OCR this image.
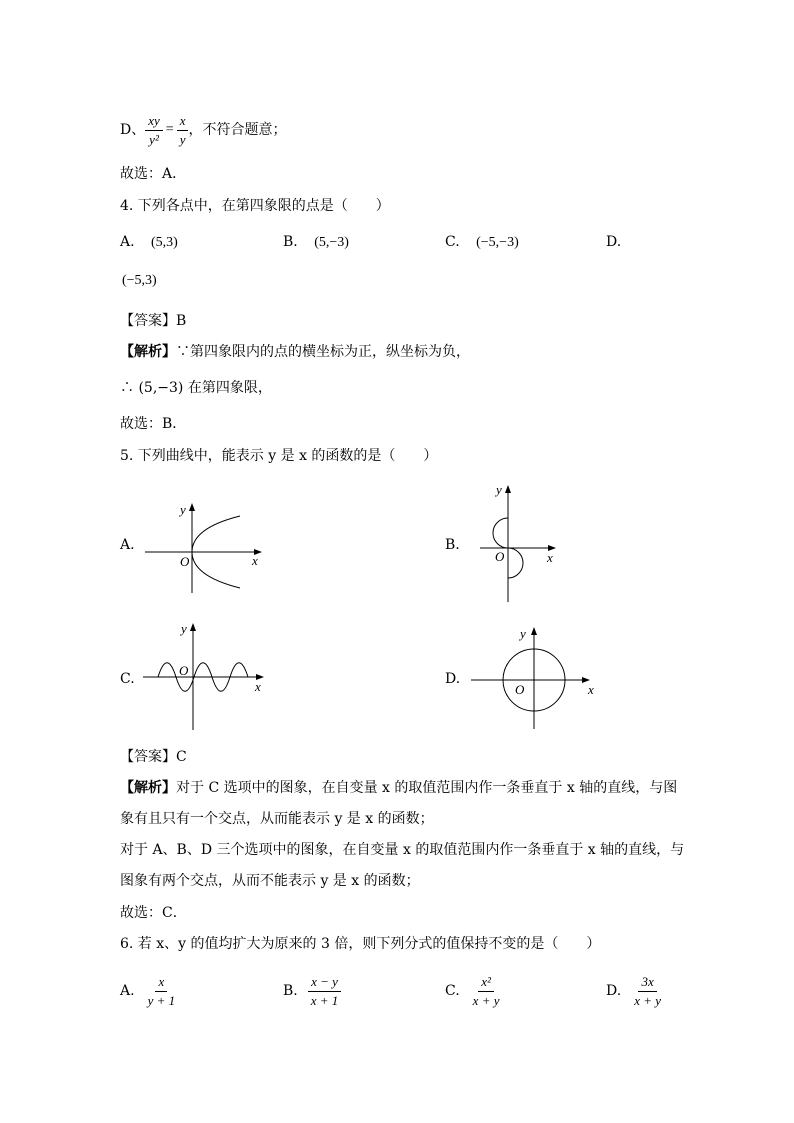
D、 $\frac{xy}{\text{y²}} = \frac{x}{y}$ ，不符合题意；
故选：A．
4. 下列各点中，在第四象限的点是（　　）
A. (5,3)	B. (5,−3)	C. (−5,−3)	D.
(−5,3)
【答案】B
【解析】∵第四象限内的点的横坐标为正，纵坐标为负，
∴ (5,−3) 在第四象限，
故选：B．
5. 下列曲线中，能表示 y 是 x 的函数的是（　　）
A.
y
x
O
B.
y
x
O
C.
y
x
O
D.
y
x
O
【答案】C
【解析】对于 C 选项中的图象，在自变量 x 的取值范围内作一条垂直于 x 轴的直线，与图
象有且只有一个交点，从而能表示 y 是 x 的函数；
对于 A、B、D 三个选项中的图象，在自变量 x 的取值范围内作一条垂直于 x 轴的直线，与
图象有两个交点，从而不能表示 y 是 x 的函数；
故选：C．
6. 若 x、y 的值均扩大为原来的 3 倍，则下列分式的值保持不变的是（　　）
A. $\frac{x}{y + 1}$	B. $\frac{x - y}{x + 1}$	C. $\frac{\text{x²}}{x + y}$	D. $\frac{3x}{x + y}$
